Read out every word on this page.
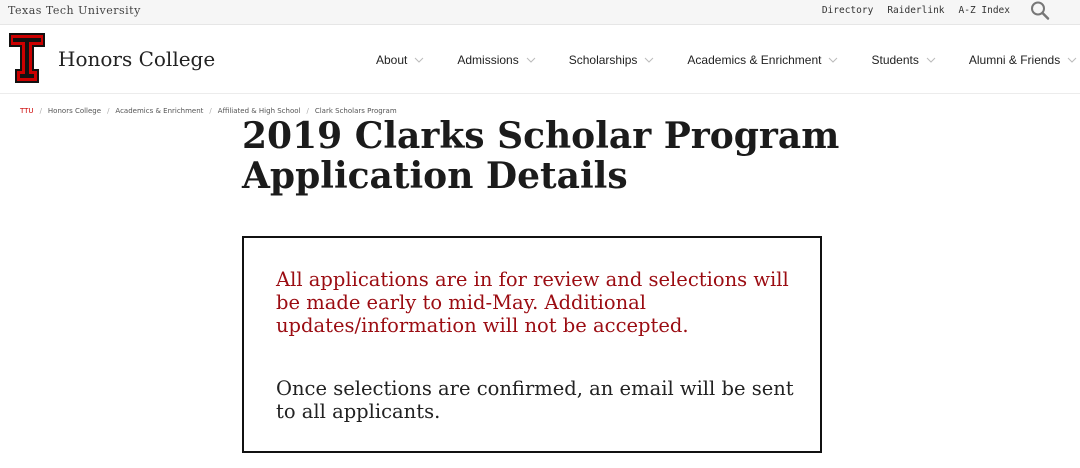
Texas Tech University	Directory Raiderlink A-Z Index
Honors College	About	Admissions	Scholarships	Academics & Enrichment	Students	Alumni & Friends
TTU / Honors College / Academics & Enrichment / Affiliated & High School / Clark Scholars Program
2019 Clarks Scholar Program Application Details

All applications are in for review and selections will be made early to mid-May. Additional updates/information will not be accepted.

Once selections are confirmed, an email will be sent to all applicants.
